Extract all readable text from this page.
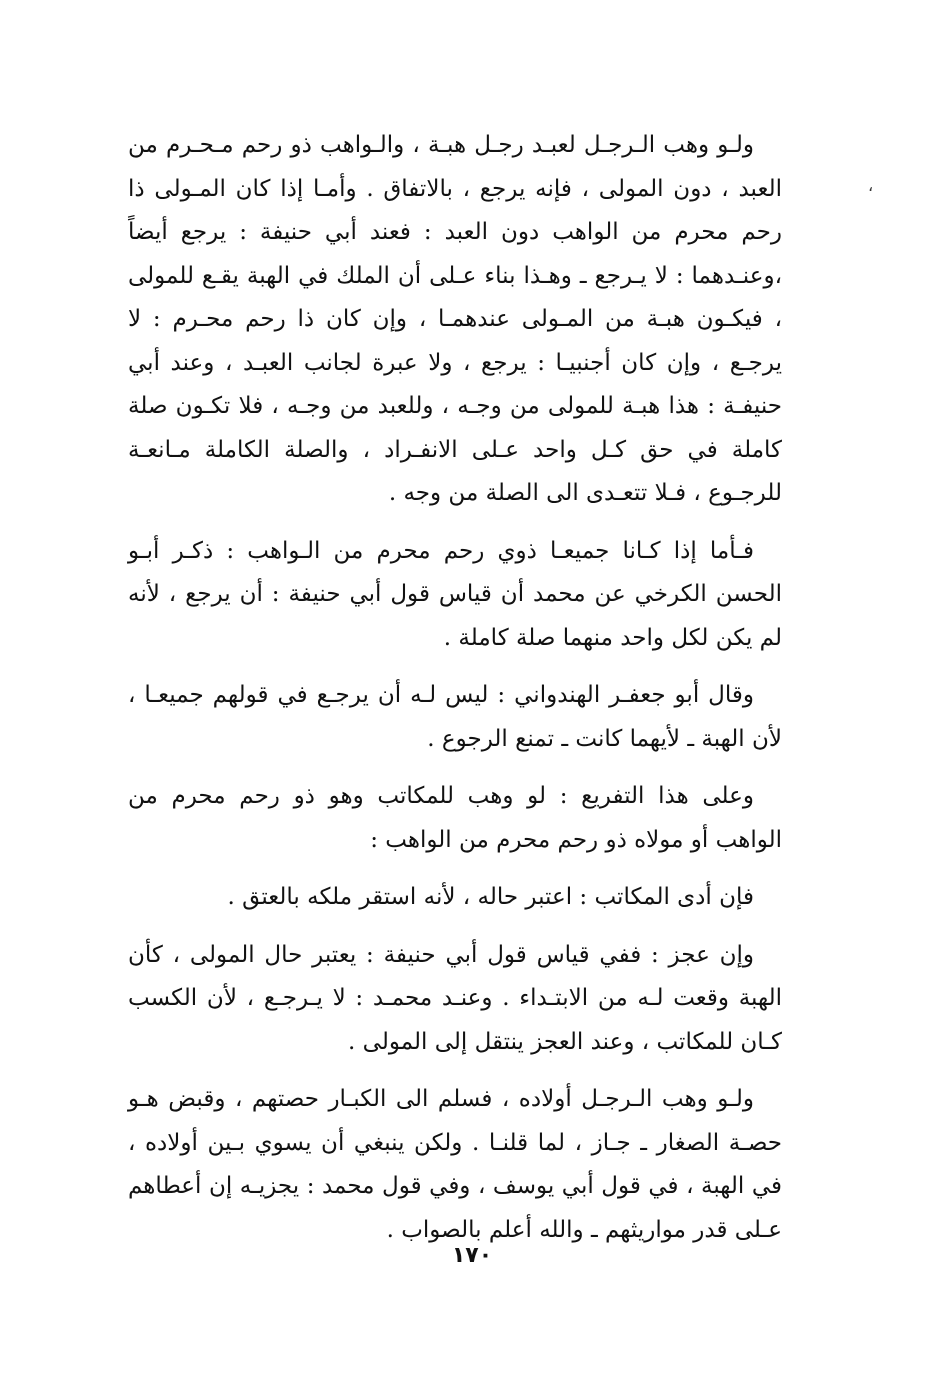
،

ولـو وهب الـرجـل لعبـد رجـل هبـة ، والـواهب ذو رحم مـحـرم من العبد ، دون المولى ، فإنه يرجع ، بالاتفاق . وأمـا إذا كان المـولى ذا رحم محرم من الواهب دون العبد : فعند أبي حنيفة : يرجع أيضاً ،وعنـدهما : لا يـرجع ـ وهـذا بناء عـلى أن الملك في الهبة يقـع للمولى ، فيكـون هبـة من المـولى عندهمـا ، وإن كان ذا رحم محـرم : لا يرجـع ، وإن كان أجنبيـا : يرجع ، ولا عبرة لجانب العبـد ، وعند أبي حنيفـة : هذا هبـة للمولى من وجـه ، وللعبد من وجـه ، فلا تكـون صلة كاملة في حق كـل واحد عـلى الانفـراد ، والصلة الكاملة مـانعـة للرجـوع ، فـلا تتعـدى الى الصلة من وجه .

فـأما إذا كـانا جميعـا ذوي رحم محرم من الـواهب : ذكـر أبـو الحسن الكرخي عن محمد أن قياس قول أبي حنيفة : أن يرجع ، لأنه لم يكن لكل واحد منهما صلة كاملة .

وقال أبو جعفـر الهندواني : ليس لـه أن يرجـع في قولهم جميعـا ، لأن الهبة ـ لأيهما كانت ـ تمنع الرجوع .

وعلى هذا التفريع : لو وهب للمكاتب وهو ذو رحم محرم من الواهب أو مولاه ذو رحم محرم من الواهب :

فإن أدى المكاتب : اعتبر حاله ، لأنه استقر ملكه بالعتق .

وإن عجز : ففي قياس قول أبي حنيفة : يعتبر حال المولى ، كأن الهبة وقعت لـه من الابتـداء . وعنـد محمـد : لا يـرجـع ، لأن الكسب كـان للمكاتب ، وعند العجز ينتقل إلى المولى .

ولـو وهب الـرجـل أولاده ، فسلم الى الكبـار حصتهم ، وقبض هـو حصـة الصغار ـ جـاز ، لما قلنـا . ولكن ينبغي أن يسوي بـين أولاده ، في الهبة ، في قول أبي يوسف ، وفي قول محمد : يجزيـه إن أعطاهم عـلى قدر مواريثهم ـ والله أعلم بالصواب .

١٧٠
